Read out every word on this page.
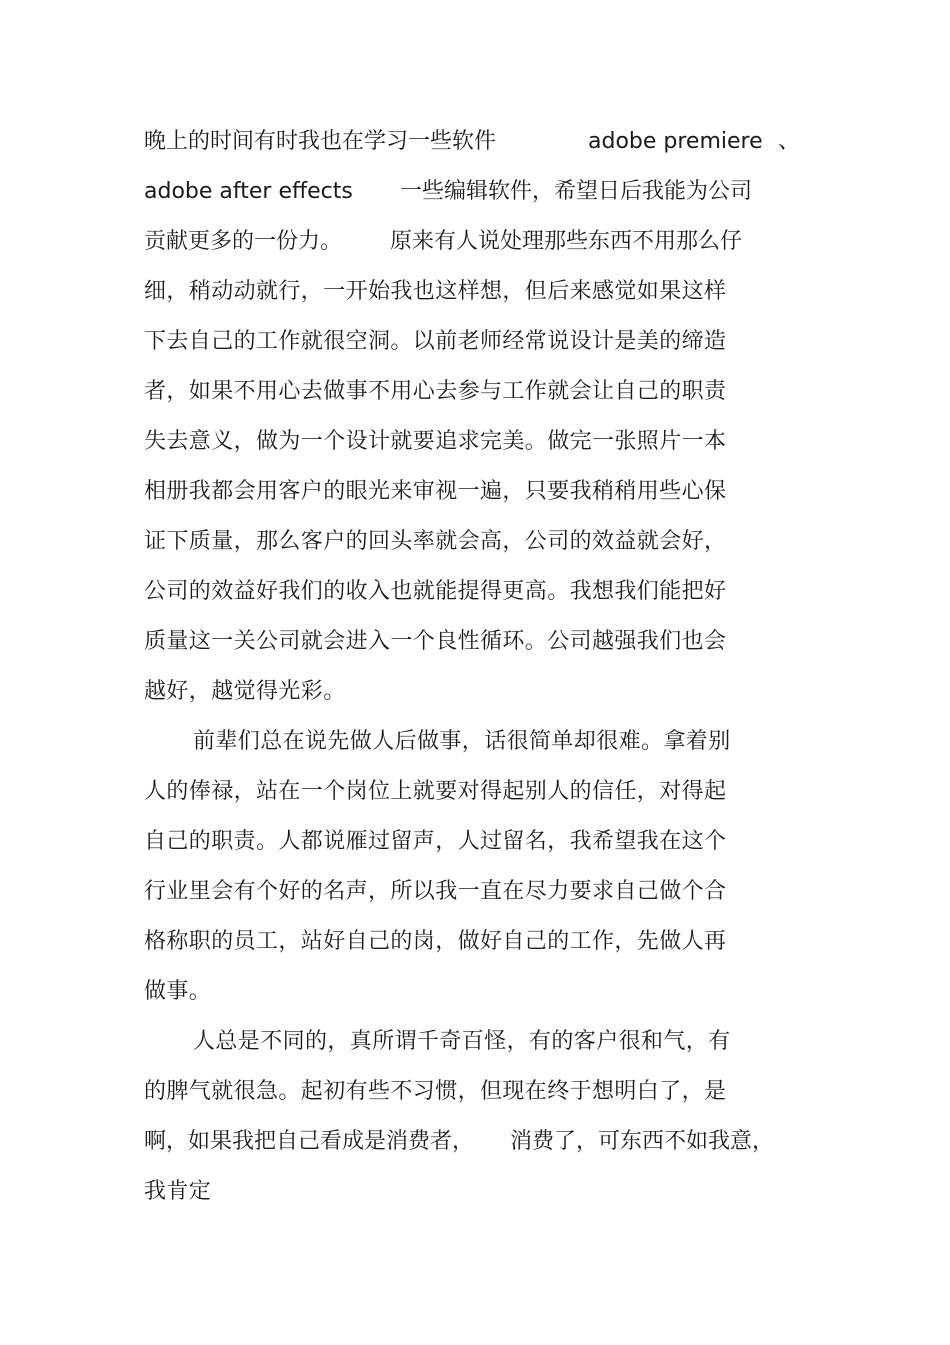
晚上的时间有时我也在学习一些软件	adobe premiere 、
adobe after effects 一些编辑软件，希望日后我能为公司
贡献更多的一份力。 原来有人说处理那些东西不用那么仔
细，稍动动就行，一开始我也这样想，但后来感觉如果这样
下去自己的工作就很空洞。以前老师经常说设计是美的缔造
者，如果不用心去做事不用心去参与工作就会让自己的职责
失去意义，做为一个设计就要追求完美。做完一张照片一本
相册我都会用客户的眼光来审视一遍，只要我稍稍用些心保
证下质量，那么客户的回头率就会高，公司的效益就会好，
公司的效益好我们的收入也就能提得更高。我想我们能把好
质量这一关公司就会进入一个良性循环。公司越强我们也会
越好，越觉得光彩。
前辈们总在说先做人后做事，话很简单却很难。拿着别
人的俸禄，站在一个岗位上就要对得起别人的信任，对得起
自己的职责。人都说雁过留声，人过留名，我希望我在这个
行业里会有个好的名声，所以我一直在尽力要求自己做个合
格称职的员工，站好自己的岗，做好自己的工作，先做人再
做事。
人总是不同的，真所谓千奇百怪，有的客户很和气，有
的脾气就很急。起初有些不习惯，但现在终于想明白了，是
啊，如果我把自己看成是消费者， 消费了，可东西不如我意，
我肯定
